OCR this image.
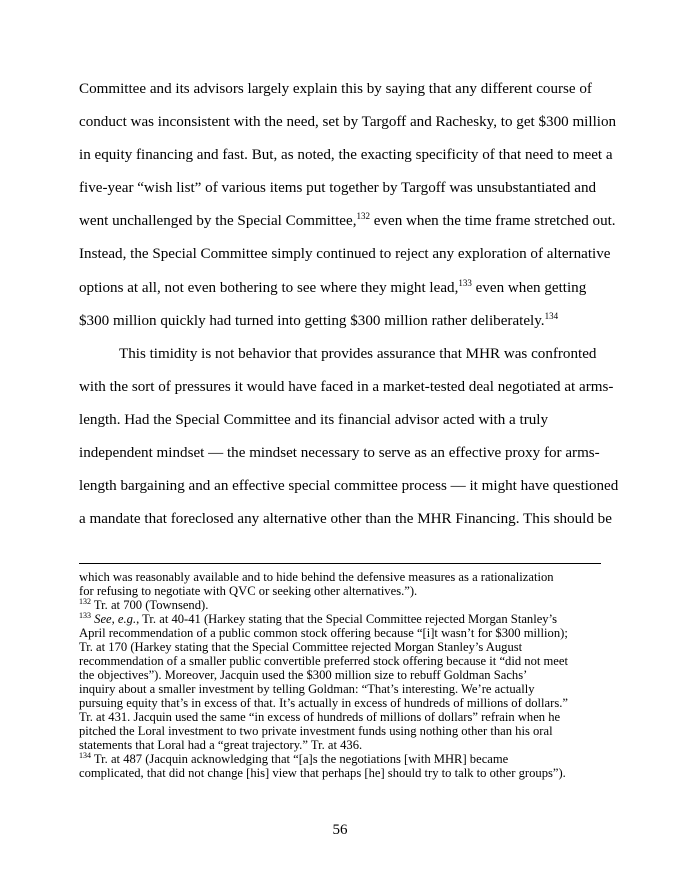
Committee and its advisors largely explain this by saying that any different course of
conduct was inconsistent with the need, set by Targoff and Rachesky, to get $300 million
in equity financing and fast. But, as noted, the exacting specificity of that need to meet a
five-year “wish list” of various items put together by Targoff was unsubstantiated and
went unchallenged by the Special Committee,$^{132}$ even when the time frame stretched out.
Instead, the Special Committee simply continued to reject any exploration of alternative
options at all, not even bothering to see where they might lead,$^{133}$ even when getting
$300 million quickly had turned into getting $300 million rather deliberately.$^{134}$
This timidity is not behavior that provides assurance that MHR was confronted
with the sort of pressures it would have faced in a market-tested deal negotiated at arms-
length. Had the Special Committee and its financial advisor acted with a truly
independent mindset — the mindset necessary to serve as an effective proxy for arms-
length bargaining and an effective special committee process — it might have questioned
a mandate that foreclosed any alternative other than the MHR Financing. This should be
which was reasonably available and to hide behind the defensive measures as a rationalization
for refusing to negotiate with QVC or seeking other alternatives.”).
$^{132}$ Tr. at 700 (Townsend).
$^{133}$ See, e.g., Tr. at 40-41 (Harkey stating that the Special Committee rejected Morgan Stanley’s
April recommendation of a public common stock offering because “[i]t wasn’t for $300 million);
Tr. at 170 (Harkey stating that the Special Committee rejected Morgan Stanley’s August
recommendation of a smaller public convertible preferred stock offering because it “did not meet
the objectives”). Moreover, Jacquin used the $300 million size to rebuff Goldman Sachs’
inquiry about a smaller investment by telling Goldman: “That’s interesting. We’re actually
pursuing equity that’s in excess of that. It’s actually in excess of hundreds of millions of dollars.”
Tr. at 431. Jacquin used the same “in excess of hundreds of millions of dollars” refrain when he
pitched the Loral investment to two private investment funds using nothing other than his oral
statements that Loral had a “great trajectory.” Tr. at 436.
$^{134}$ Tr. at 487 (Jacquin acknowledging that “[a]s the negotiations [with MHR] became
complicated, that did not change [his] view that perhaps [he] should try to talk to other groups”).
56
